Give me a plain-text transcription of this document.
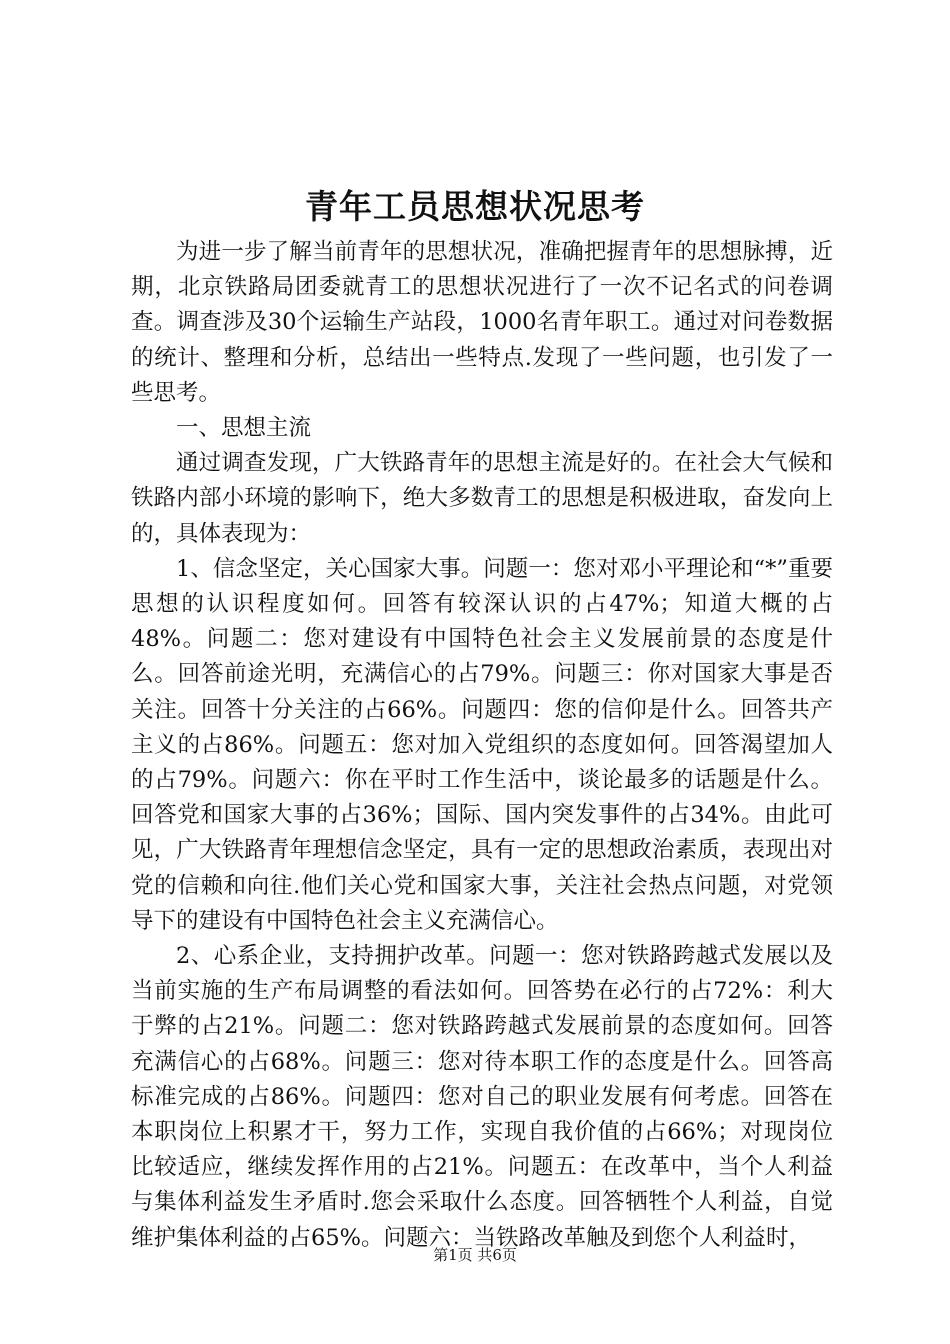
青年工员思想状况思考

为进一步了解当前青年的思想状况，准确把握青年的思想脉搏，近期，北京铁路局团委就青工的思想状况进行了一次不记名式的问卷调查。调查涉及30个运输生产站段，1000名青年职工。通过对问卷数据的统计、整理和分析，总结出一些特点.发现了一些问题，也引发了一些思考。

一、思想主流

通过调查发现，广大铁路青年的思想主流是好的。在社会大气候和铁路内部小环境的影响下，绝大多数青工的思想是积极进取，奋发向上的，具体表现为：

1、信念坚定，关心国家大事。问题一：您对邓小平理论和“*”重要思想的认识程度如何。回答有较深认识的占47%；知道大概的占48%。问题二：您对建设有中国特色社会主义发展前景的态度是什么。回答前途光明，充满信心的占79%。问题三：你对国家大事是否关注。回答十分关注的占66%。问题四：您的信仰是什么。回答共产主义的占86%。问题五：您对加入党组织的态度如何。回答渴望加人的占79%。问题六：你在平时工作生活中，谈论最多的话题是什么。回答党和国家大事的占36%；国际、国内突发事件的占34%。由此可见，广大铁路青年理想信念坚定，具有一定的思想政治素质，表现出对党的信赖和向往.他们关心党和国家大事，关注社会热点问题，对党领导下的建设有中国特色社会主义充满信心。

2、心系企业，支持拥护改革。问题一：您对铁路跨越式发展以及当前实施的生产布局调整的看法如何。回答势在必行的占72%：利大于弊的占21%。问题二：您对铁路跨越式发展前景的态度如何。回答充满信心的占68%。问题三：您对待本职工作的态度是什么。回答高标准完成的占86%。问题四：您对自己的职业发展有何考虑。回答在本职岗位上积累才干，努力工作，实现自我价值的占66%；对现岗位比较适应，继续发挥作用的占21%。问题五：在改革中，当个人利益与集体利益发生矛盾时.您会采取什么态度。回答牺牲个人利益，自觉维护集体利益的占65%。问题六：当铁路改革触及到您个人利益时，

第1页 共6页
